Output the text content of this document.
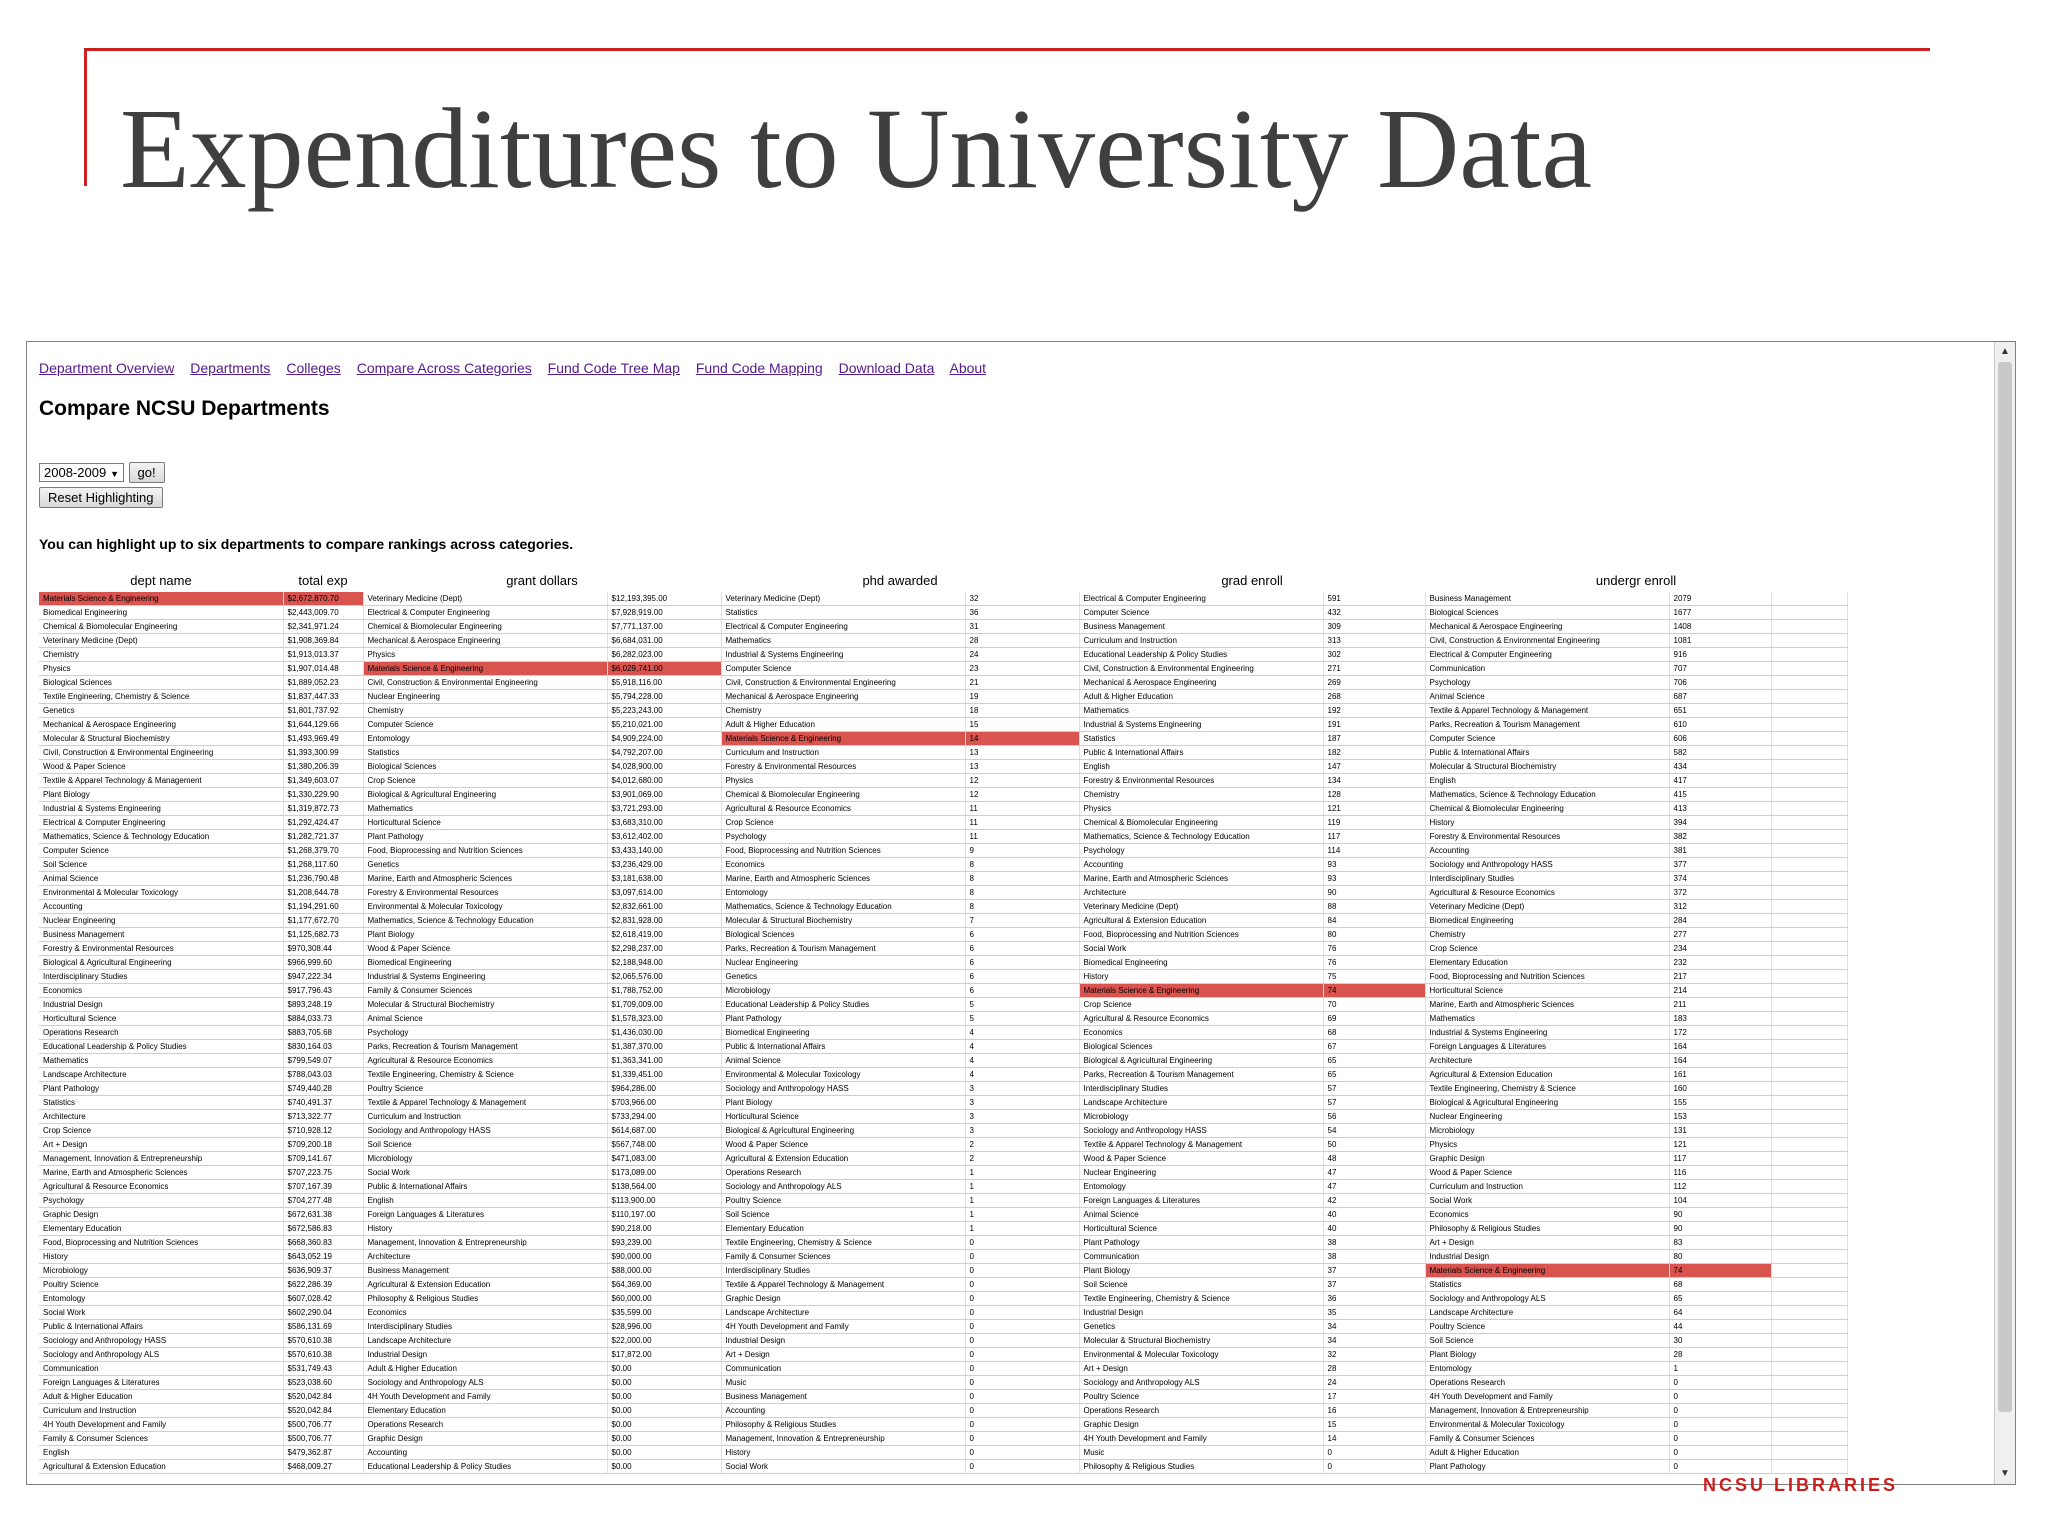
Expenditures to University Data
Department Overview Departments Colleges Compare Across Categories Fund Code Tree Map Fund Code Mapping Download Data About
Compare NCSU Departments
2008-2009 ▼ go!
Reset Highlighting
You can highlight up to six departments to compare rankings across categories.
dept name	total exp	grant dollars		phd awarded		grad enroll		undergr enroll		
Materials Science & Engineering	$2,672,870.70	Veterinary Medicine (Dept)	$12,193,395.00	Veterinary Medicine (Dept)	32	Electrical & Computer Engineering	591	Business Management	2079	
Biomedical Engineering	$2,443,009.70	Electrical & Computer Engineering	$7,928,919.00	Statistics	36	Computer Science	432	Biological Sciences	1677	
Chemical & Biomolecular Engineering	$2,341,971.24	Chemical & Biomolecular Engineering	$7,771,137.00	Electrical & Computer Engineering	31	Business Management	309	Mechanical & Aerospace Engineering	1408	
Veterinary Medicine (Dept)	$1,908,369.84	Mechanical & Aerospace Engineering	$6,684,031.00	Mathematics	28	Curriculum and Instruction	313	Civil, Construction & Environmental Engineering	1081	
Chemistry	$1,913,013.37	Physics	$6,282,023.00	Industrial & Systems Engineering	24	Educational Leadership & Policy Studies	302	Electrical & Computer Engineering	916	
Physics	$1,907,014.48	Materials Science & Engineering	$6,029,741.00	Computer Science	23	Civil, Construction & Environmental Engineering	271	Communication	707	
Biological Sciences	$1,889,052.23	Civil, Construction & Environmental Engineering	$5,918,116.00	Civil, Construction & Environmental Engineering	21	Mechanical & Aerospace Engineering	269	Psychology	706	
Textile Engineering, Chemistry & Science	$1,837,447.33	Nuclear Engineering	$5,794,228.00	Mechanical & Aerospace Engineering	19	Adult & Higher Education	268	Animal Science	687	
Genetics	$1,801,737.92	Chemistry	$5,223,243.00	Chemistry	18	Mathematics	192	Textile & Apparel Technology & Management	651	
Mechanical & Aerospace Engineering	$1,644,129.66	Computer Science	$5,210,021.00	Adult & Higher Education	15	Industrial & Systems Engineering	191	Parks, Recreation & Tourism Management	610	
Molecular & Structural Biochemistry	$1,493,969.49	Entomology	$4,909,224.00	Materials Science & Engineering	14	Statistics	187	Computer Science	606	
Civil, Construction & Environmental Engineering	$1,393,300.99	Statistics	$4,792,207.00	Curriculum and Instruction	13	Public & International Affairs	182	Public & International Affairs	582	
Wood & Paper Science	$1,380,206.39	Biological Sciences	$4,028,900.00	Forestry & Environmental Resources	13	English	147	Molecular & Structural Biochemistry	434	
Textile & Apparel Technology & Management	$1,349,603.07	Crop Science	$4,012,680.00	Physics	12	Forestry & Environmental Resources	134	English	417	
Plant Biology	$1,330,229.90	Biological & Agricultural Engineering	$3,901,069.00	Chemical & Biomolecular Engineering	12	Chemistry	128	Mathematics, Science & Technology Education	415	
Industrial & Systems Engineering	$1,319,872.73	Mathematics	$3,721,293.00	Agricultural & Resource Economics	11	Physics	121	Chemical & Biomolecular Engineering	413	
Electrical & Computer Engineering	$1,292,424.47	Horticultural Science	$3,683,310.00	Crop Science	11	Chemical & Biomolecular Engineering	119	History	394	
Mathematics, Science & Technology Education	$1,282,721.37	Plant Pathology	$3,612,402.00	Psychology	11	Mathematics, Science & Technology Education	117	Forestry & Environmental Resources	382	
Computer Science	$1,268,379.70	Food, Bioprocessing and Nutrition Sciences	$3,433,140.00	Food, Bioprocessing and Nutrition Sciences	9	Psychology	114	Accounting	381	
Soil Science	$1,268,117.60	Genetics	$3,236,429.00	Economics	8	Accounting	93	Sociology and Anthropology HASS	377	
Animal Science	$1,236,790.48	Marine, Earth and Atmospheric Sciences	$3,181,638.00	Marine, Earth and Atmospheric Sciences	8	Marine, Earth and Atmospheric Sciences	93	Interdisciplinary Studies	374	
Environmental & Molecular Toxicology	$1,208,644.78	Forestry & Environmental Resources	$3,097,614.00	Entomology	8	Architecture	90	Agricultural & Resource Economics	372	
Accounting	$1,194,291.60	Environmental & Molecular Toxicology	$2,832,661.00	Mathematics, Science & Technology Education	8	Veterinary Medicine (Dept)	88	Veterinary Medicine (Dept)	312	
Nuclear Engineering	$1,177,672.70	Mathematics, Science & Technology Education	$2,831,928.00	Molecular & Structural Biochemistry	7	Agricultural & Extension Education	84	Biomedical Engineering	284	
Business Management	$1,125,682.73	Plant Biology	$2,618,419.00	Biological Sciences	6	Food, Bioprocessing and Nutrition Sciences	80	Chemistry	277	
Forestry & Environmental Resources	$970,308.44	Wood & Paper Science	$2,298,237.00	Parks, Recreation & Tourism Management	6	Social Work	76	Crop Science	234	
Biological & Agricultural Engineering	$966,999.60	Biomedical Engineering	$2,188,948.00	Nuclear Engineering	6	Biomedical Engineering	76	Elementary Education	232	
Interdisciplinary Studies	$947,222.34	Industrial & Systems Engineering	$2,065,576.00	Genetics	6	History	75	Food, Bioprocessing and Nutrition Sciences	217	
Economics	$917,796.43	Family & Consumer Sciences	$1,788,752.00	Microbiology	6	Materials Science & Engineering	74	Horticultural Science	214	
Industrial Design	$893,248.19	Molecular & Structural Biochemistry	$1,709,009.00	Educational Leadership & Policy Studies	5	Crop Science	70	Marine, Earth and Atmospheric Sciences	211	
Horticultural Science	$884,033.73	Animal Science	$1,578,323.00	Plant Pathology	5	Agricultural & Resource Economics	69	Mathematics	183	
Operations Research	$883,705.68	Psychology	$1,436,030.00	Biomedical Engineering	4	Economics	68	Industrial & Systems Engineering	172	
Educational Leadership & Policy Studies	$830,164.03	Parks, Recreation & Tourism Management	$1,387,370.00	Public & International Affairs	4	Biological Sciences	67	Foreign Languages & Literatures	164	
Mathematics	$799,549.07	Agricultural & Resource Economics	$1,363,341.00	Animal Science	4	Biological & Agricultural Engineering	65	Architecture	164	
Landscape Architecture	$788,043.03	Textile Engineering, Chemistry & Science	$1,339,451.00	Environmental & Molecular Toxicology	4	Parks, Recreation & Tourism Management	65	Agricultural & Extension Education	161	
Plant Pathology	$749,440.28	Poultry Science	$964,286.00	Sociology and Anthropology HASS	3	Interdisciplinary Studies	57	Textile Engineering, Chemistry & Science	160	
Statistics	$740,491.37	Textile & Apparel Technology & Management	$703,966.00	Plant Biology	3	Landscape Architecture	57	Biological & Agricultural Engineering	155	
Architecture	$713,322.77	Curriculum and Instruction	$733,294.00	Horticultural Science	3	Microbiology	56	Nuclear Engineering	153	
Crop Science	$710,928.12	Sociology and Anthropology HASS	$614,687.00	Biological & Agricultural Engineering	3	Sociology and Anthropology HASS	54	Microbiology	131	
Art + Design	$709,200.18	Soil Science	$567,748.00	Wood & Paper Science	2	Textile & Apparel Technology & Management	50	Physics	121	
Management, Innovation & Entrepreneurship	$709,141.67	Microbiology	$471,083.00	Agricultural & Extension Education	2	Wood & Paper Science	48	Graphic Design	117	
Marine, Earth and Atmospheric Sciences	$707,223.75	Social Work	$173,089.00	Operations Research	1	Nuclear Engineering	47	Wood & Paper Science	116	
Agricultural & Resource Economics	$707,167.39	Public & International Affairs	$138,564.00	Sociology and Anthropology ALS	1	Entomology	47	Curriculum and Instruction	112	
Psychology	$704,277.48	English	$113,900.00	Poultry Science	1	Foreign Languages & Literatures	42	Social Work	104	
Graphic Design	$672,631.38	Foreign Languages & Literatures	$110,197.00	Soil Science	1	Animal Science	40	Economics	90	
Elementary Education	$672,586.83	History	$90,218.00	Elementary Education	1	Horticultural Science	40	Philosophy & Religious Studies	90	
Food, Bioprocessing and Nutrition Sciences	$668,360.83	Management, Innovation & Entrepreneurship	$93,239.00	Textile Engineering, Chemistry & Science	0	Plant Pathology	38	Art + Design	83	
History	$643,052.19	Architecture	$90,000.00	Family & Consumer Sciences	0	Communication	38	Industrial Design	80	
Microbiology	$636,909.37	Business Management	$88,000.00	Interdisciplinary Studies	0	Plant Biology	37	Materials Science & Engineering	74	
Poultry Science	$622,286.39	Agricultural & Extension Education	$64,369.00	Textile & Apparel Technology & Management	0	Soil Science	37	Statistics	68	
Entomology	$607,028.42	Philosophy & Religious Studies	$60,000.00	Graphic Design	0	Textile Engineering, Chemistry & Science	36	Sociology and Anthropology ALS	65	
Social Work	$602,290.04	Economics	$35,599.00	Landscape Architecture	0	Industrial Design	35	Landscape Architecture	64	
Public & International Affairs	$586,131.69	Interdisciplinary Studies	$28,996.00	4H Youth Development and Family	0	Genetics	34	Poultry Science	44	
Sociology and Anthropology HASS	$570,610.38	Landscape Architecture	$22,000.00	Industrial Design	0	Molecular & Structural Biochemistry	34	Soil Science	30	
Sociology and Anthropology ALS	$570,610.38	Industrial Design	$17,872.00	Art + Design	0	Environmental & Molecular Toxicology	32	Plant Biology	28	
Communication	$531,749.43	Adult & Higher Education	$0.00	Communication	0	Art + Design	28	Entomology	1	
Foreign Languages & Literatures	$523,038.60	Sociology and Anthropology ALS	$0.00	Music	0	Sociology and Anthropology ALS	24	Operations Research	0	
Adult & Higher Education	$520,042.84	4H Youth Development and Family	$0.00	Business Management	0	Poultry Science	17	4H Youth Development and Family	0	
Curriculum and Instruction	$520,042.84	Elementary Education	$0.00	Accounting	0	Operations Research	16	Management, Innovation & Entrepreneurship	0	
4H Youth Development and Family	$500,706.77	Operations Research	$0.00	Philosophy & Religious Studies	0	Graphic Design	15	Environmental & Molecular Toxicology	0	
Family & Consumer Sciences	$500,706.77	Graphic Design	$0.00	Management, Innovation & Entrepreneurship	0	4H Youth Development and Family	14	Family & Consumer Sciences	0	
English	$479,362.87	Accounting	$0.00	History	0	Music	0	Adult & Higher Education	0	
Agricultural & Extension Education	$468,009.27	Educational Leadership & Policy Studies	$0.00	Social Work	0	Philosophy & Religious Studies	0	Plant Pathology	0	
▲
▼
NCSU LIBRARIES
